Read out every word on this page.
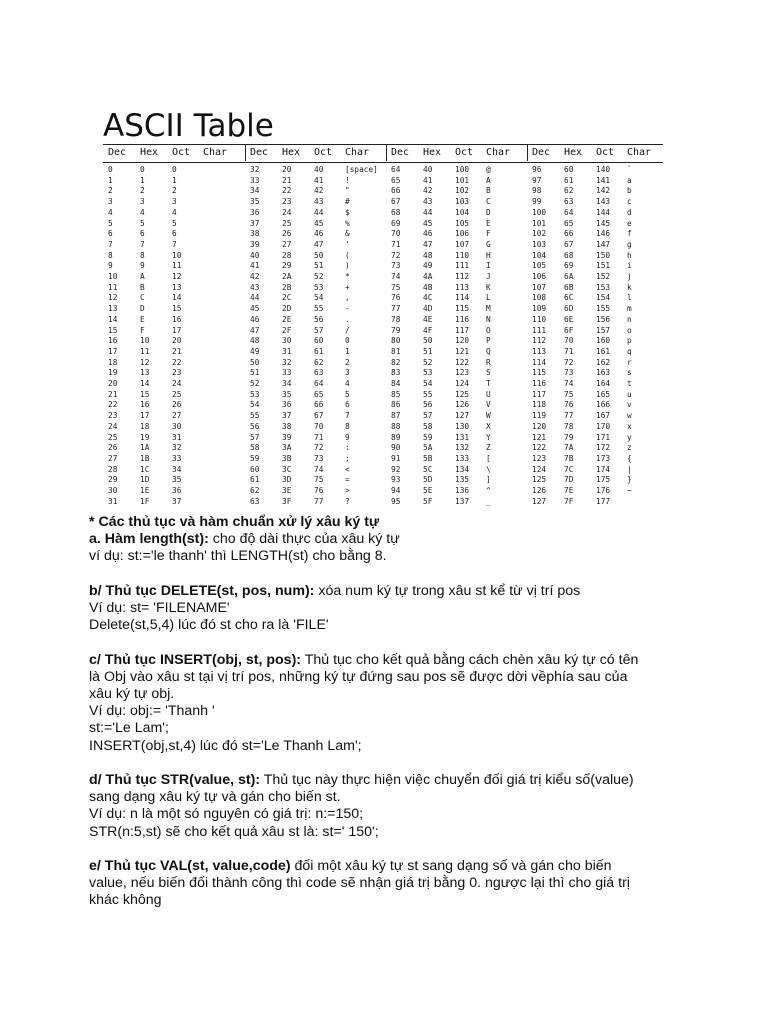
ASCII Table
Dec Hex Oct Char
0	0	0
1	1	1
2	2	2
3	3	3
4	4	4
5	5	5
6	6	6
7	7	7
8	8	10
9	9	11
10	A	12
11	B	13
12	C	14
13	D	15
14	E	16
15	F	17
16	10	20
17	11	21
18	12	22
19	13	23
20	14	24
21	15	25
22	16	26
23	17	27
24	18	30
25	19	31
26	1A	32
27	1B	33
28	1C	34
29	1D	35
30	1E	36
31	1F	37
Dec Hex Oct Char
32	20	40	[space]
33	21	41	!
34	22	42	"
35	23	43	#
36	24	44	$
37	25	45	%
38	26	46	&
39	27	47	'
40	28	50	(
41	29	51	)
42	2A	52	*
43	2B	53	+
44	2C	54	,
45	2D	55	-
46	2E	56	.
47	2F	57	/
48	30	60	0
49	31	61	1
50	32	62	2
51	33	63	3
52	34	64	4
53	35	65	5
54	36	66	6
55	37	67	7
56	38	70	8
57	39	71	9
58	3A	72	:
59	3B	73	;
60	3C	74	<
61	3D	75	=
62	3E	76	>
63	3F	77	?
Dec Hex Oct Char
64	40	100 @
65	41	101 A
66	42	102 B
67	43	103 C
68	44	104 D
69	45	105 E
70	46	106 F
71	47	107 G
72	48	110 H
73	49	111 I
74	4A	112 J
75	4B	113 K
76	4C	114 L
77	4D	115 M
78	4E	116 N
79	4F	117 O
80	50	120 P
81	51	121 Q
82	52	122 R
83	53	123 S
84	54	124 T
85	55	125 U
86	56	126 V
87	57	127 W
88	58	130 X
89	59	131 Y
90	5A	132 Z
91	5B	133 [
92	5C	134 \
93	5D	135 ]
94	5E	136 ^
95	5F	137 _
Dec Hex Oct Char
96	60	140 `
97	61	141 a
98	62	142 b
99	63	143 c
100 64	144 d
101 65	145 e
102 66	146 f
103 67	147 g
104 68	150 h
105 69	151 i
106 6A	152 j
107 6B	153 k
108 6C	154 l
109 6D	155 m
110 6E	156 n
111 6F	157 o
112 70	160 p
113 71	161 q
114 72	162 r
115 73	163 s
116 74	164 t
117 75	165 u
118 76	166 v
119 77	167 w
120 78	170 x
121 79	171 y
122 7A	172 z
123 7B	173 {
124 7C	174 |
125 7D	175 }
126 7E	176 ~
127 7F	177

* Các thủ tục và hàm chuẩn xử lý xâu ký tự

a. Hàm length(st): cho độ dài thực của xâu ký tự

ví dụ: st:='le thanh' thì LENGTH(st) cho bằng 8.

b/ Thủ tục DELETE(st, pos, num): xóa num ký tự trong xâu st kể từ vị trí pos

Ví dụ: st= 'FILENAME'

Delete(st,5,4) lúc đó st cho ra là 'FILE'

c/ Thủ tục INSERT(obj, st, pos): Thủ tục cho kết quả bằng cách chèn xâu ký tự có tên

là Obj vào xâu st tại vị trí pos, những ký tự đứng sau pos sẽ được dời vềphía sau của

xâu ký tự obj.

Ví dụ: obj:= 'Thanh '

st:='Le Lam';

INSERT(obj,st,4) lúc đó st='Le Thanh Lam';

d/ Thủ tục STR(value, st): Thủ tục này thực hiện việc chuyển đối giá trị kiểu số(value)

sang dạng xâu ký tự và gán cho biến st.

Ví dụ: n là một só nguyên có giá trị: n:=150;

STR(n:5,st) sẽ cho kết quả xâu st là: st=' 150';

e/ Thủ tục VAL(st, value,code) đối một xâu ký tự st sang dạng số và gán cho biến

value, nếu biến đối thành công thì code sẽ nhận giá trị bằng 0. ngược lại thì cho giá trị

khác không
